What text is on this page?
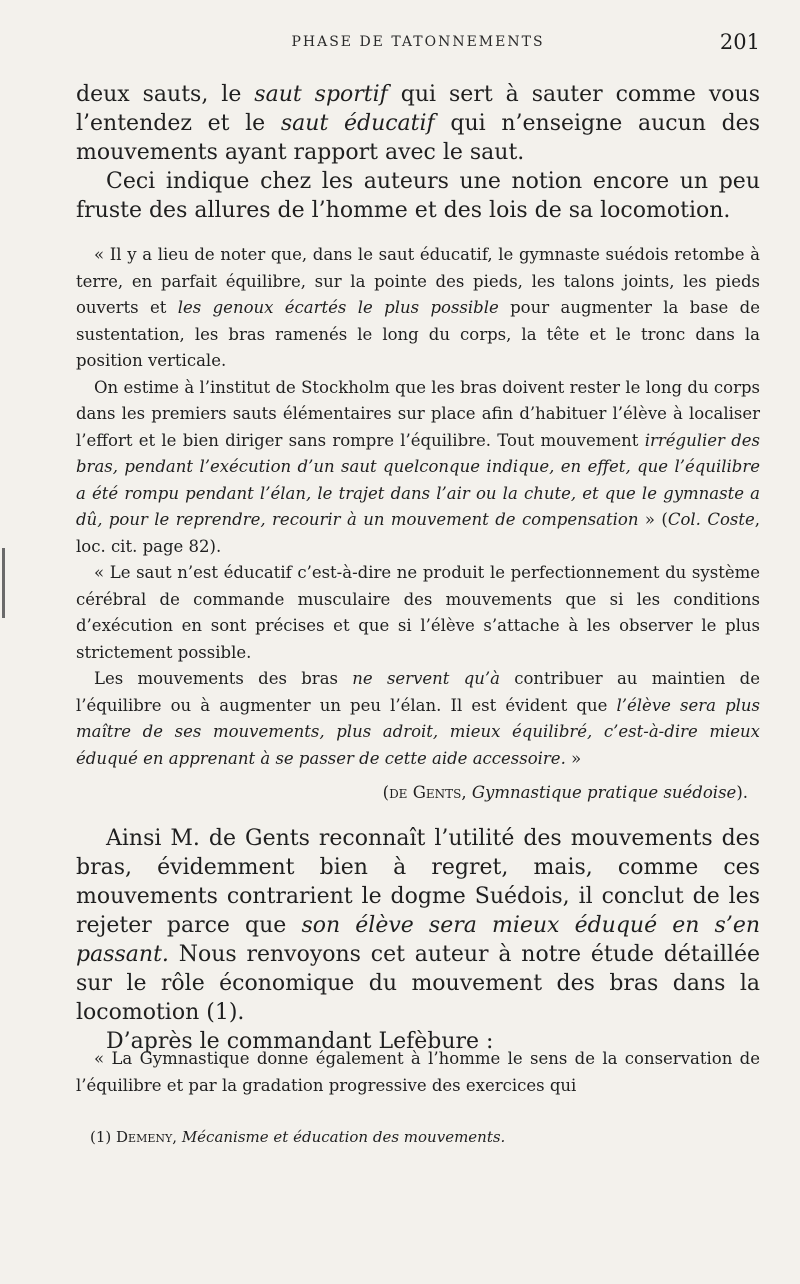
PHASE DE TATONNEMENTS	201

deux sauts, le saut sportif qui sert à sauter comme vous l’entendez et le saut éducatif qui n’enseigne aucun des mouvements ayant rapport avec le saut.

Ceci indique chez les auteurs une notion encore un peu fruste des allures de l’homme et des lois de sa locomotion.

« Il y a lieu de noter que, dans le saut éducatif, le gymnaste suédois retombe à terre, en parfait équilibre, sur la pointe des pieds, les talons joints, les pieds ouverts et les genoux écartés le plus possible pour augmenter la base de sustentation, les bras ramenés le long du corps, la tête et le tronc dans la position verticale.

On estime à l’institut de Stockholm que les bras doivent rester le long du corps dans les premiers sauts élémentaires sur place afin d’habituer l’élève à localiser l’effort et le bien diriger sans rompre l’équilibre. Tout mouvement irrégulier des bras, pendant l’exécution d’un saut quelconque indique, en effet, que l’équilibre a été rompu pendant l’élan, le trajet dans l’air ou la chute, et que le gymnaste a dû, pour le reprendre, recourir à un mouvement de compensation » (Col. Coste, loc. cit. page 82).

« Le saut n’est éducatif c’est-à-dire ne produit le perfectionnement du système cérébral de commande musculaire des mouvements que si les conditions d’exécution en sont précises et que si l’élève s’attache à les observer le plus strictement possible.

Les mouvements des bras ne servent qu’à contribuer au maintien de l’équilibre ou à augmenter un peu l’élan. Il est évident que l’élève sera plus maître de ses mouvements, plus adroit, mieux équilibré, c’est-à-dire mieux éduqué en apprenant à se passer de cette aide accessoire. »

(de Gents, Gymnastique pratique suédoise).

Ainsi M. de Gents reconnaît l’utilité des mouvements des bras, évidemment bien à regret, mais, comme ces mouvements contrarient le dogme Suédois, il conclut de les rejeter parce que son élève sera mieux éduqué en s’en passant. Nous renvoyons cet auteur à notre étude détaillée sur le rôle économique du mouvement des bras dans la locomotion (1).

D’après le commandant Lefèbure :

« La Gymnastique donne également à l’homme le sens de la conservation de l’équilibre et par la gradation progressive des exercices qui

(1) Demeny, Mécanisme et éducation des mouvements.
